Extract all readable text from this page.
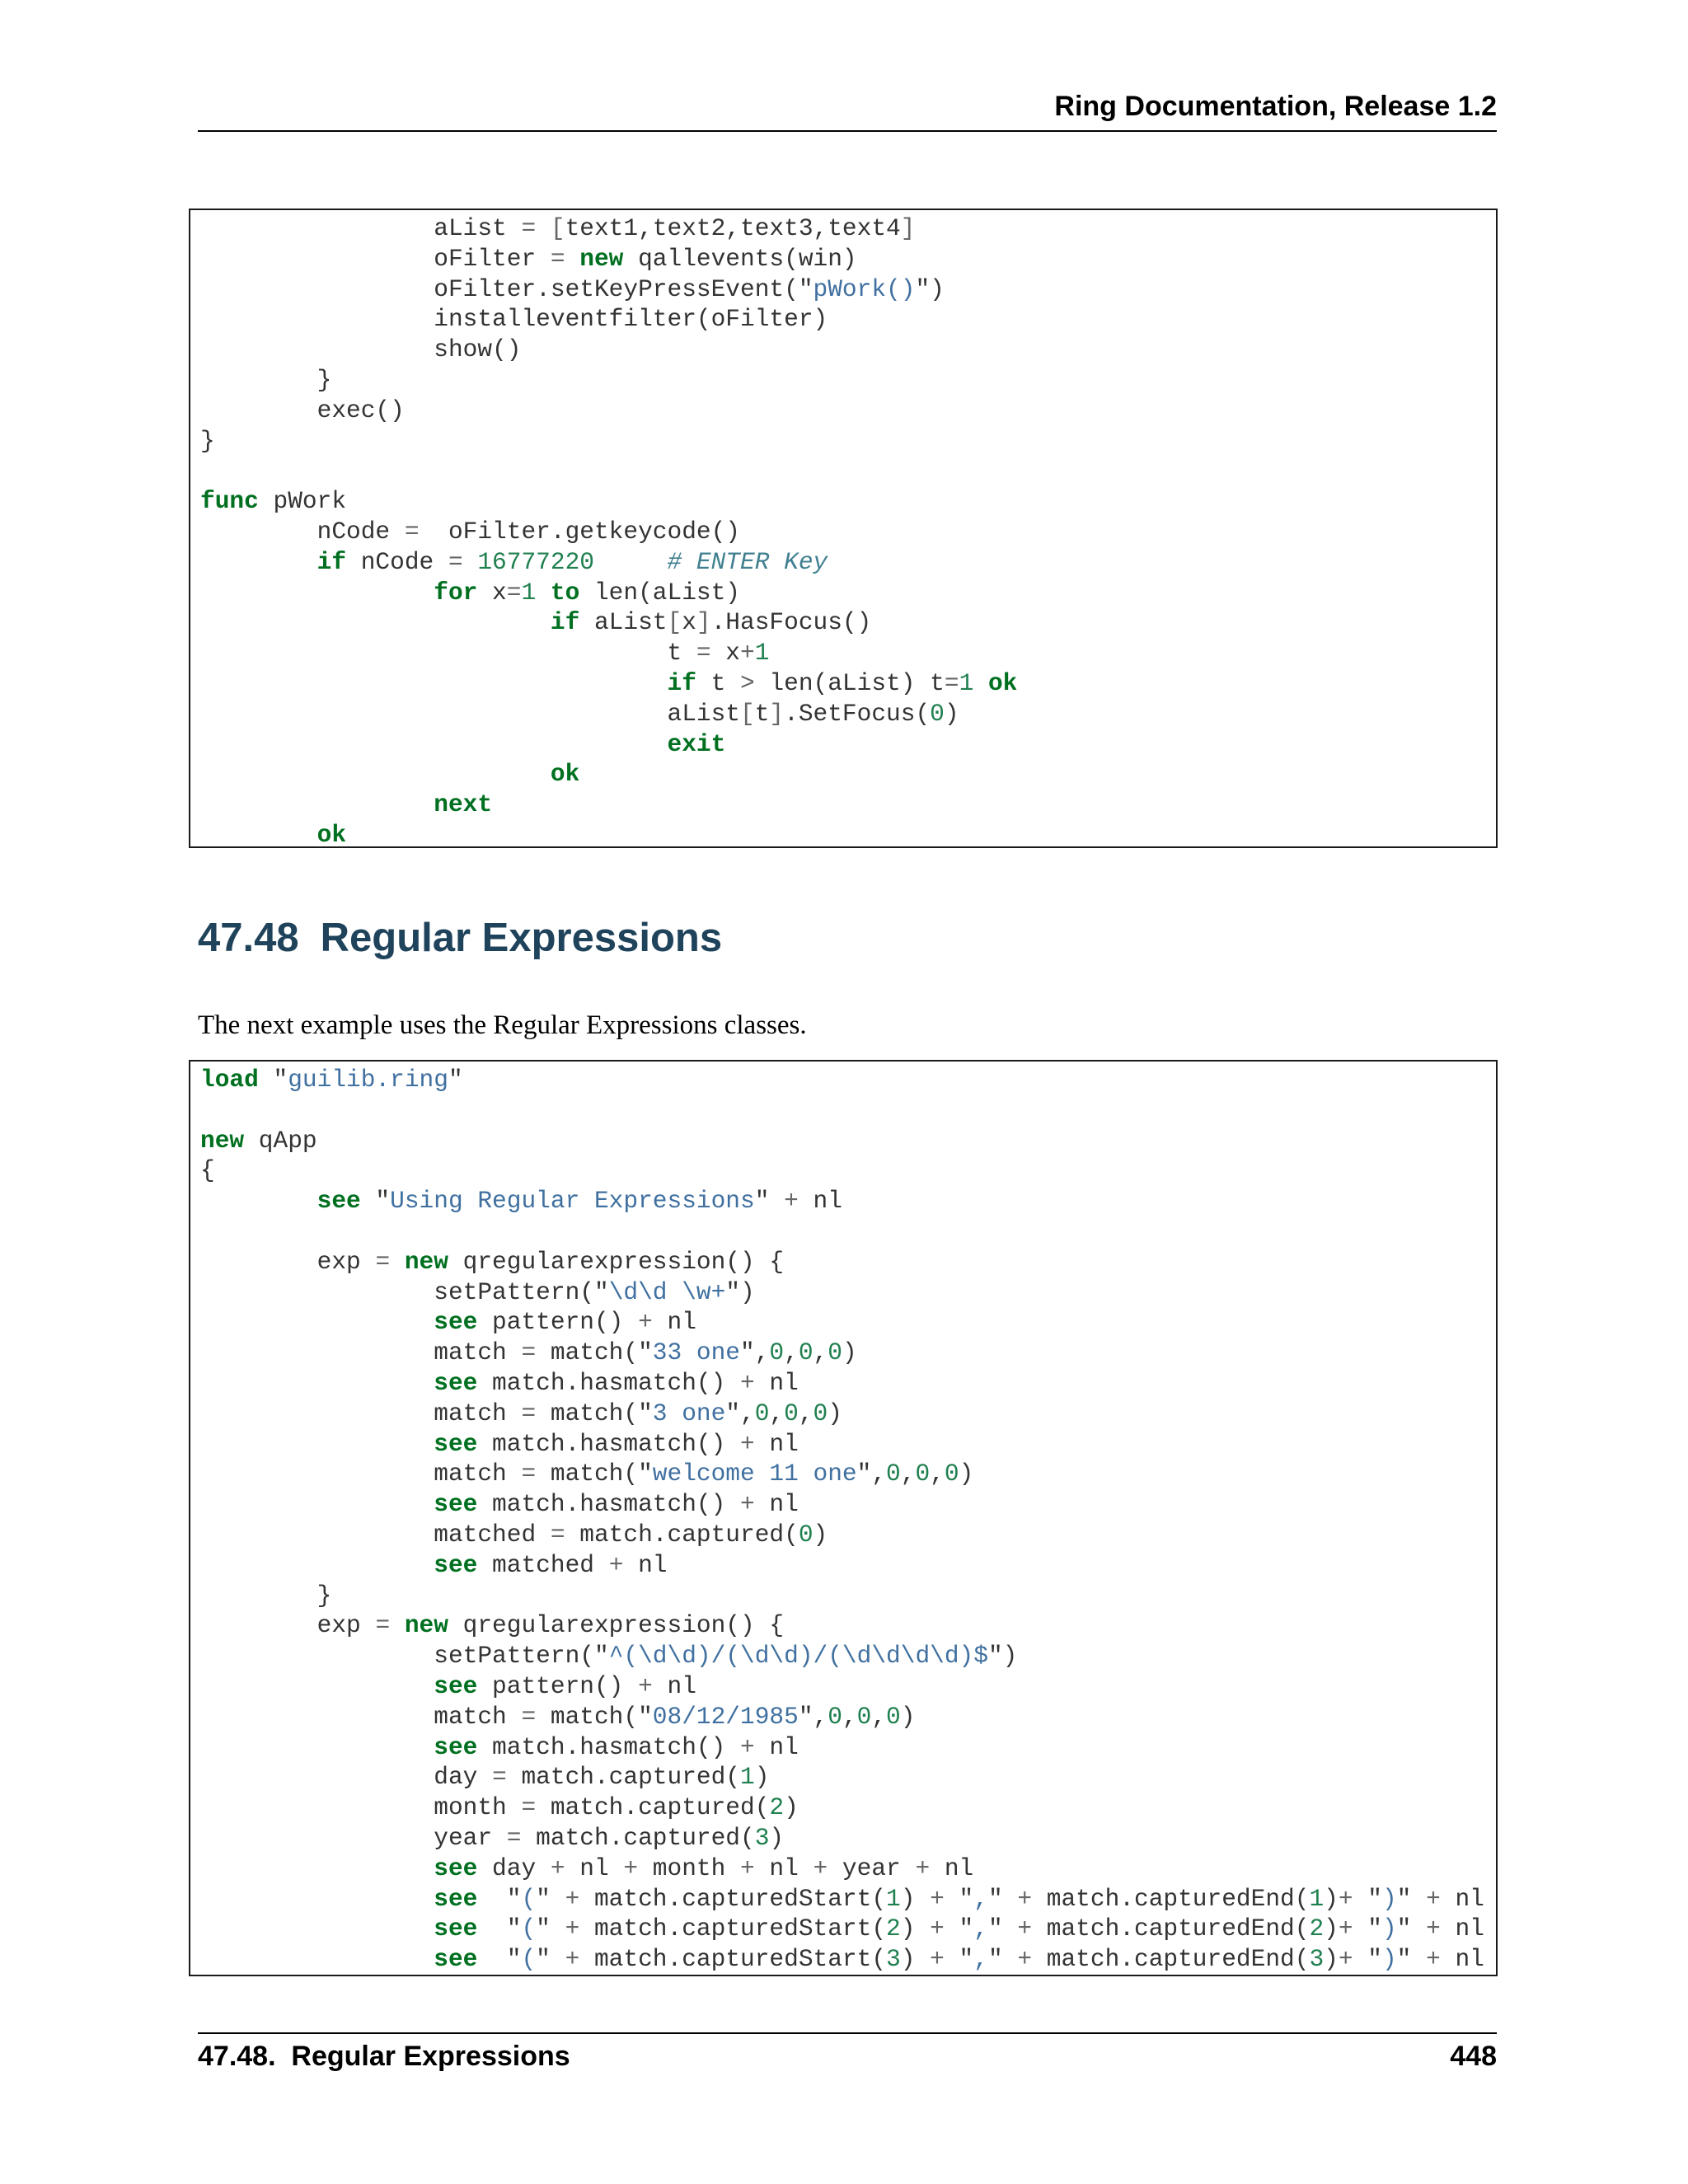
Ring Documentation, Release 1.2

		aList = [text1,text2,text3,text4]
		oFilter = new qallevents(win)
		oFilter.setKeyPressEvent("pWork()")
		installeventfilter(oFilter)
		show()
	}
	exec()
}
func pWork
	nCode =  oFilter.getkeycode()
	if nCode = 16777220	# ENTER Key
		for x=1 to len(aList)
			if aList[x].HasFocus()
				t = x+1
				if t > len(aList) t=1 ok
				aList[t].SetFocus(0)
				exit
			ok
		next
	ok
47.48 Regular Expressions

The next example uses the Regular Expressions classes.

load "guilib.ring"
new qApp
{
	see "Using Regular Expressions" + nl
	exp = new qregularexpression() {
		setPattern("\d\d \w+")
		see pattern() + nl
		match = match("33 one",0,0,0)
		see match.hasmatch() + nl
		match = match("3 one",0,0,0)
		see match.hasmatch() + nl
		match = match("welcome 11 one",0,0,0)
		see match.hasmatch() + nl
		matched = match.captured(0)
		see matched + nl
	}
	exp = new qregularexpression() {
		setPattern("^(\d\d)/(\d\d)/(\d\d\d\d)$")
		see pattern() + nl
		match = match("08/12/1985",0,0,0)
		see match.hasmatch() + nl
		day = match.captured(1)
		month = match.captured(2)
		year = match.captured(3)
		see day + nl + month + nl + year + nl
		see  "(" + match.capturedStart(1) + "," + match.capturedEnd(1)+ ")" + nl
		see  "(" + match.capturedStart(2) + "," + match.capturedEnd(2)+ ")" + nl
		see  "(" + match.capturedStart(3) + "," + match.capturedEnd(3)+ ")" + nl

47.48.  Regular Expressions	448
